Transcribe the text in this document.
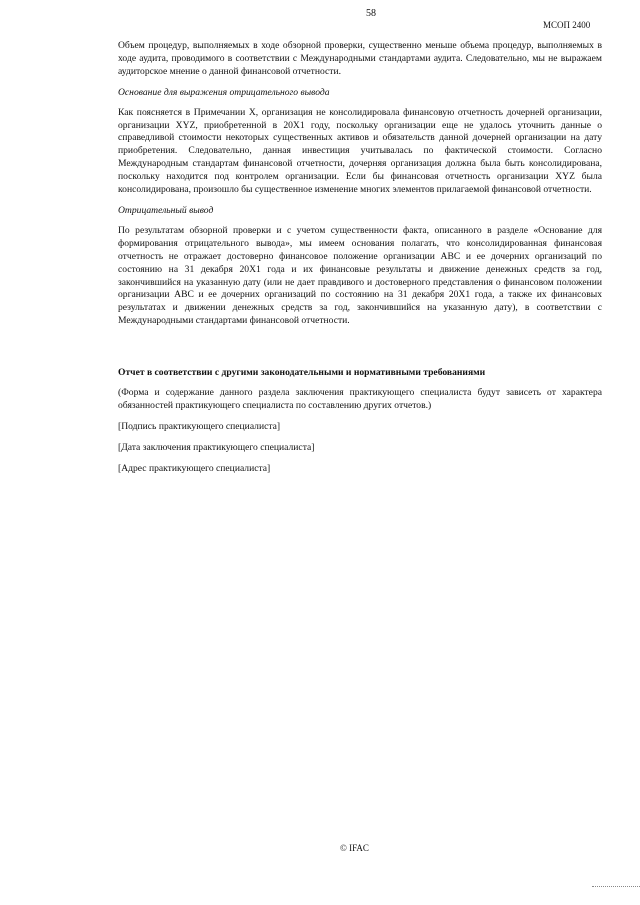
58
МСОП 2400

Объем процедур, выполняемых в ходе обзорной проверки, существенно меньше объема процедур, выполняемых в ходе аудита, проводимого в соответствии с Международными стандартами аудита. Следовательно, мы не выражаем аудиторское мнение о данной финансовой отчетности.

Основание для выражения отрицательного вывода

Как поясняется в Примечании Х, организация не консолидировала финансовую отчетность дочерней организации, организации XYZ, приобретенной в 20X1 году, поскольку организации еще не удалось уточнить данные о справедливой стоимости некоторых существенных активов и обязательств данной дочерней организации на дату приобретения. Следовательно, данная инвестиция учитывалась по фактической стоимости. Согласно Международным стандартам финансовой отчетности, дочерняя организация должна была быть консолидирована, поскольку находится под контролем организации. Если бы финансовая отчетность организации XYZ была консолидирована, произошло бы существенное изменение многих элементов прилагаемой финансовой отчетности.

Отрицательный вывод

По результатам обзорной проверки и с учетом существенности факта, описанного в разделе «Основание для формирования отрицательного вывода», мы имеем основания полагать, что консолидированная финансовая отчетность не отражает достоверно финансовое положение организации ABC и ее дочерних организаций по состоянию на 31 декабря 20X1 года и их финансовые результаты и движение денежных средств за год, закончившийся на указанную дату (или не дает правдивого и достоверного представления о финансовом положении организации ABC и ее дочерних организаций по состоянию на 31 декабря 20X1 года, а также их финансовых результатах и движении денежных средств за год, закончившийся на указанную дату), в соответствии с Международными стандартами финансовой отчетности.

Отчет в соответствии с другими законодательными и нормативными требованиями

(Форма и содержание данного раздела заключения практикующего специалиста будут зависеть от характера обязанностей практикующего специалиста по составлению других отчетов.)

[Подпись практикующего специалиста]

[Дата заключения практикующего специалиста]

[Адрес практикующего специалиста]

© IFAC
